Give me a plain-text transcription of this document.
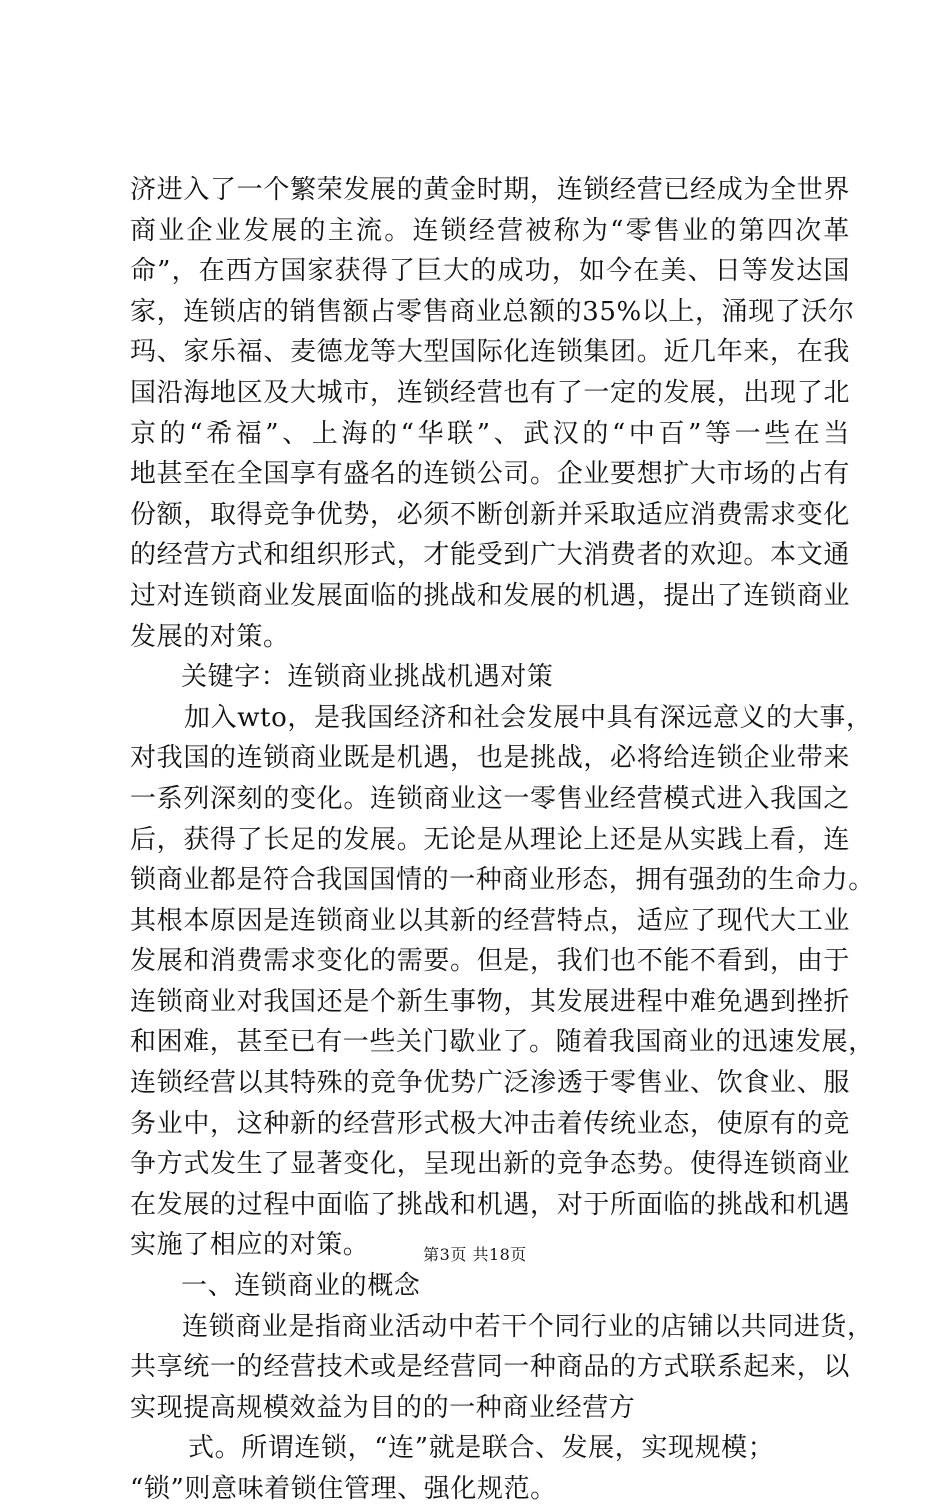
济进入了一个繁荣发展的黄金时期，连锁经营已经成为全世界
商业企业发展的主流。连锁经营被称为“零售业的第四次革
命”，在西方国家获得了巨大的成功，如今在美、日等发达国
家，连锁店的销售额占零售商业总额的35%以上，涌现了沃尔
玛、家乐福、麦德龙等大型国际化连锁集团。近几年来，在我
国沿海地区及大城市，连锁经营也有了一定的发展，出现了北
京的“希福”、上海的“华联”、武汉的“中百”等一些在当
地甚至在全国享有盛名的连锁公司。企业要想扩大市场的占有
份额，取得竞争优势，必须不断创新并采取适应消费需求变化
的经营方式和组织形式，才能受到广大消费者的欢迎。本文通
过对连锁商业发展面临的挑战和发展的机遇，提出了连锁商业
发展的对策。
关键字：连锁商业挑战机遇对策
加入wto，是我国经济和社会发展中具有深远意义的大事，
对我国的连锁商业既是机遇，也是挑战，必将给连锁企业带来
一系列深刻的变化。连锁商业这一零售业经营模式进入我国之
后，获得了长足的发展。无论是从理论上还是从实践上看，连
锁商业都是符合我国国情的一种商业形态，拥有强劲的生命力。
其根本原因是连锁商业以其新的经营特点，适应了现代大工业
发展和消费需求变化的需要。但是，我们也不能不看到，由于
连锁商业对我国还是个新生事物，其发展进程中难免遇到挫折
和困难，甚至已有一些关门歇业了。随着我国商业的迅速发展，
连锁经营以其特殊的竞争优势广泛渗透于零售业、饮食业、服
务业中，这种新的经营形式极大冲击着传统业态，使原有的竞
争方式发生了显著变化，呈现出新的竞争态势。使得连锁商业
在发展的过程中面临了挑战和机遇，对于所面临的挑战和机遇
实施了相应的对策。
一、连锁商业的概念
连锁商业是指商业活动中若干个同行业的店铺以共同进货，
共享统一的经营技术或是经营同一种商品的方式联系起来，以
实现提高规模效益为目的的一种商业经营方
式。所谓连锁，“连”就是联合、发展，实现规模；
“锁”则意味着锁住管理、强化规范。
第3页 共18页
